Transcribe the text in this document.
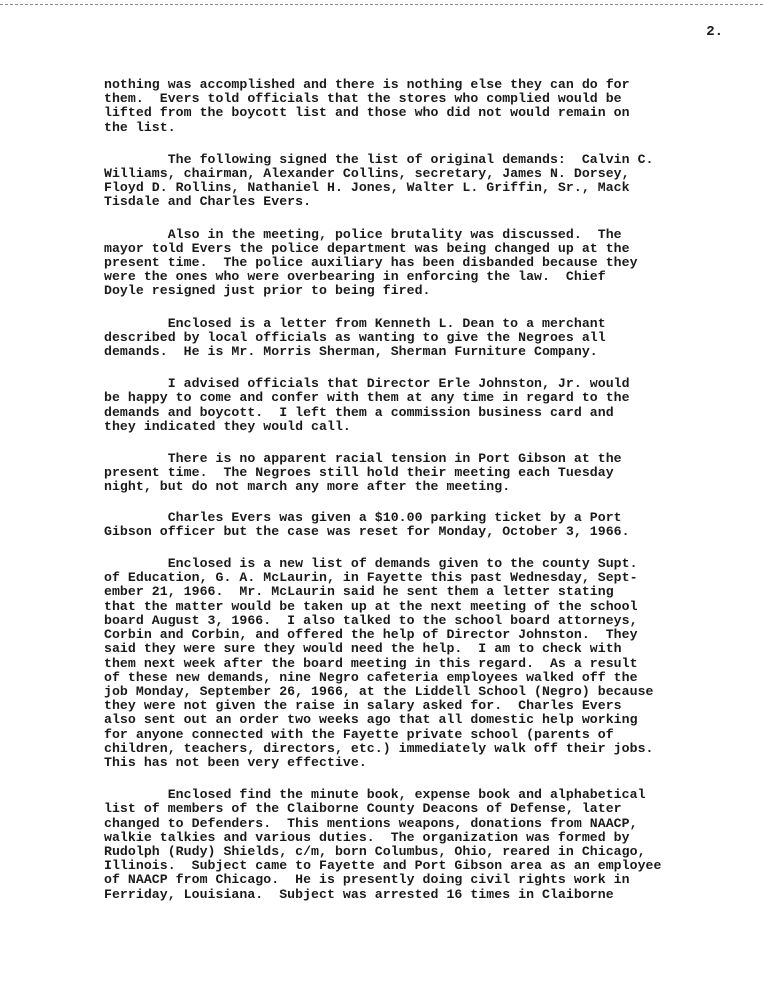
2.

nothing was accomplished and there is nothing else they can do for
them.  Evers told officials that the stores who complied would be
lifted from the boycott list and those who did not would remain on
the list.

The following signed the list of original demands:  Calvin C.
Williams, chairman, Alexander Collins, secretary, James N. Dorsey,
Floyd D. Rollins, Nathaniel H. Jones, Walter L. Griffin, Sr., Mack
Tisdale and Charles Evers.

Also in the meeting, police brutality was discussed.  The
mayor told Evers the police department was being changed up at the
present time.  The police auxiliary has been disbanded because they
were the ones who were overbearing in enforcing the law.  Chief
Doyle resigned just prior to being fired.

Enclosed is a letter from Kenneth L. Dean to a merchant
described by local officials as wanting to give the Negroes all
demands.  He is Mr. Morris Sherman, Sherman Furniture Company.

I advised officials that Director Erle Johnston, Jr. would
be happy to come and confer with them at any time in regard to the
demands and boycott.  I left them a commission business card and
they indicated they would call.

There is no apparent racial tension in Port Gibson at the
present time.  The Negroes still hold their meeting each Tuesday
night, but do not march any more after the meeting.

Charles Evers was given a $10.00 parking ticket by a Port
Gibson officer but the case was reset for Monday, October 3, 1966.

Enclosed is a new list of demands given to the county Supt.
of Education, G. A. McLaurin, in Fayette this past Wednesday, Sept-
ember 21, 1966.  Mr. McLaurin said he sent them a letter stating
that the matter would be taken up at the next meeting of the school
board August 3, 1966.  I also talked to the school board attorneys,
Corbin and Corbin, and offered the help of Director Johnston.  They
said they were sure they would need the help.  I am to check with
them next week after the board meeting in this regard.  As a result
of these new demands, nine Negro cafeteria employees walked off the
job Monday, September 26, 1966, at the Liddell School (Negro) because
they were not given the raise in salary asked for.  Charles Evers
also sent out an order two weeks ago that all domestic help working
for anyone connected with the Fayette private school (parents of
children, teachers, directors, etc.) immediately walk off their jobs.
This has not been very effective.

Enclosed find the minute book, expense book and alphabetical
list of members of the Claiborne County Deacons of Defense, later
changed to Defenders.  This mentions weapons, donations from NAACP,
walkie talkies and various duties.  The organization was formed by
Rudolph (Rudy) Shields, c/m, born Columbus, Ohio, reared in Chicago,
Illinois.  Subject came to Fayette and Port Gibson area as an employee
of NAACP from Chicago.  He is presently doing civil rights work in
Ferriday, Louisiana.  Subject was arrested 16 times in Claiborne
